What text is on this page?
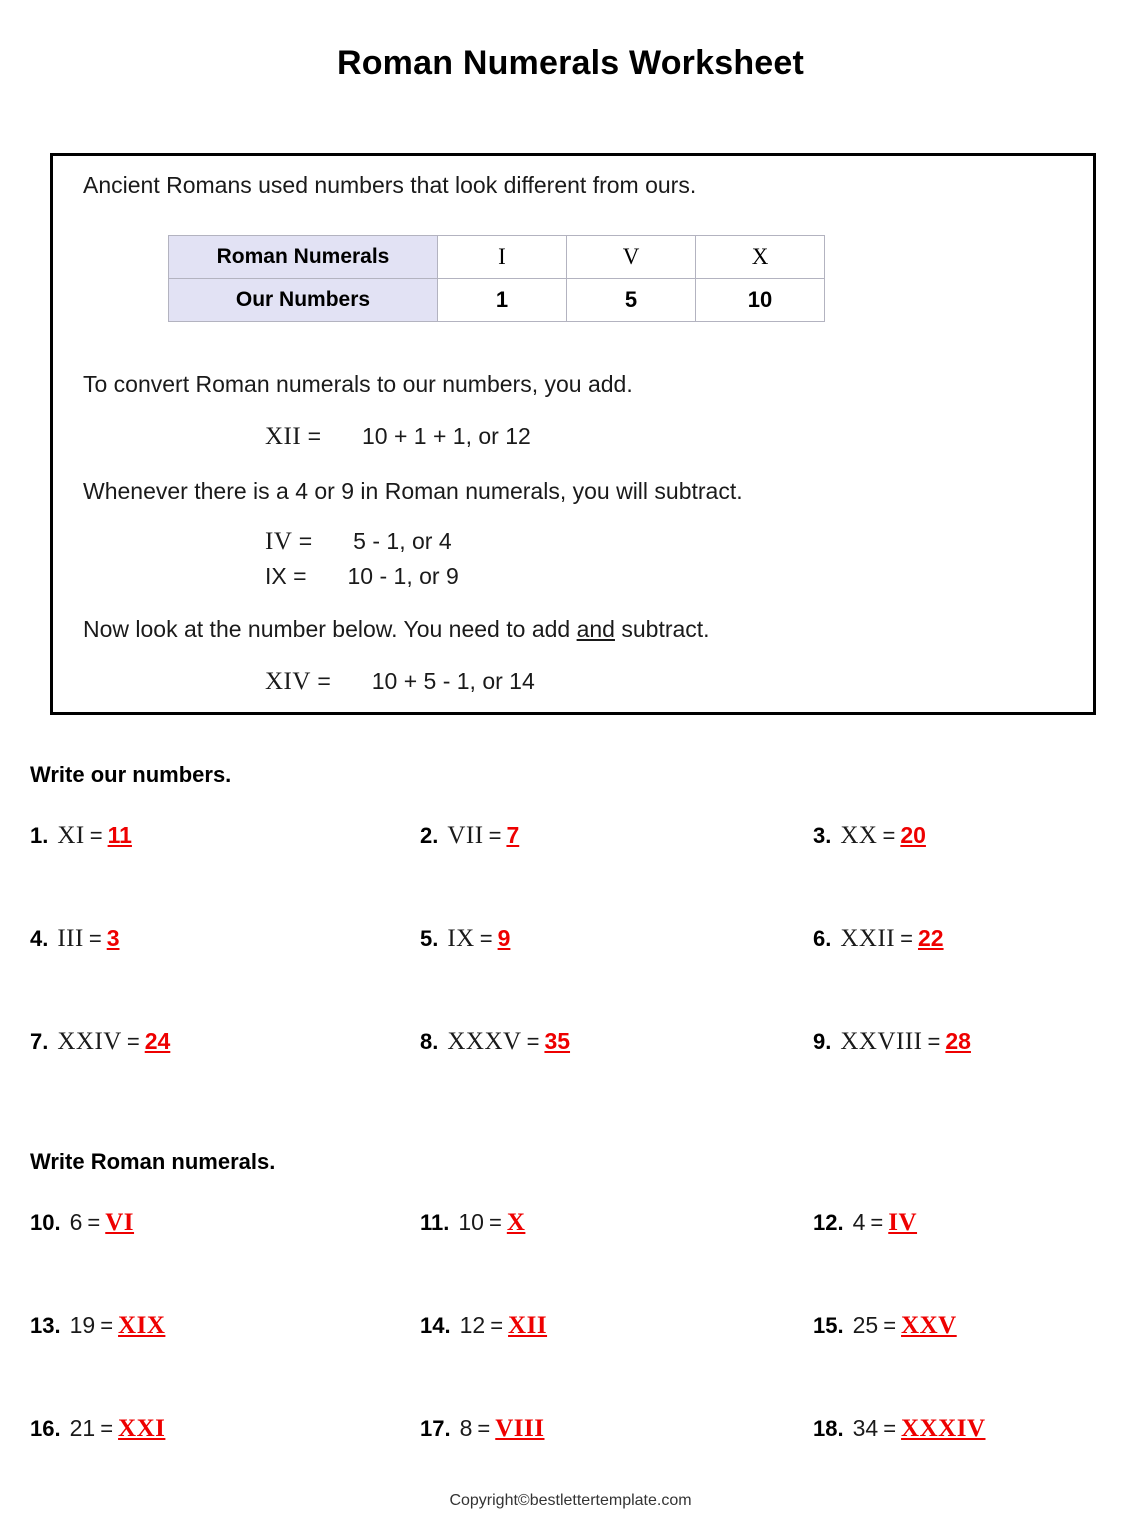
Roman Numerals Worksheet
Ancient Romans used numbers that look different from ours.
Roman Numerals	I	V	X
Our Numbers	1	5	10
To convert Roman numerals to our numbers, you add.
XII = 10 + 1 + 1, or 12
Whenever there is a 4 or 9 in Roman numerals, you will subtract.
IV = 5 - 1, or 4
IX = 10 - 1, or 9
Now look at the number below. You need to add and subtract.
XIV = 10 + 5 - 1, or 14
Write our numbers.
1. XI = 11	2. VII = 7	3. XX = 20
4. III = 3	5. IX = 9	6. XXII = 22
7. XXIV = 24	8. XXXV = 35	9. XXVIII = 28
Write Roman numerals.
10. 6 = VI	11. 10 = X	12. 4 = IV
13. 19 = XIX	14. 12 = XII	15. 25 = XXV
16. 21 = XXI	17. 8 = VIII	18. 34 = XXXIV
Copyright©bestlettertemplate.com
